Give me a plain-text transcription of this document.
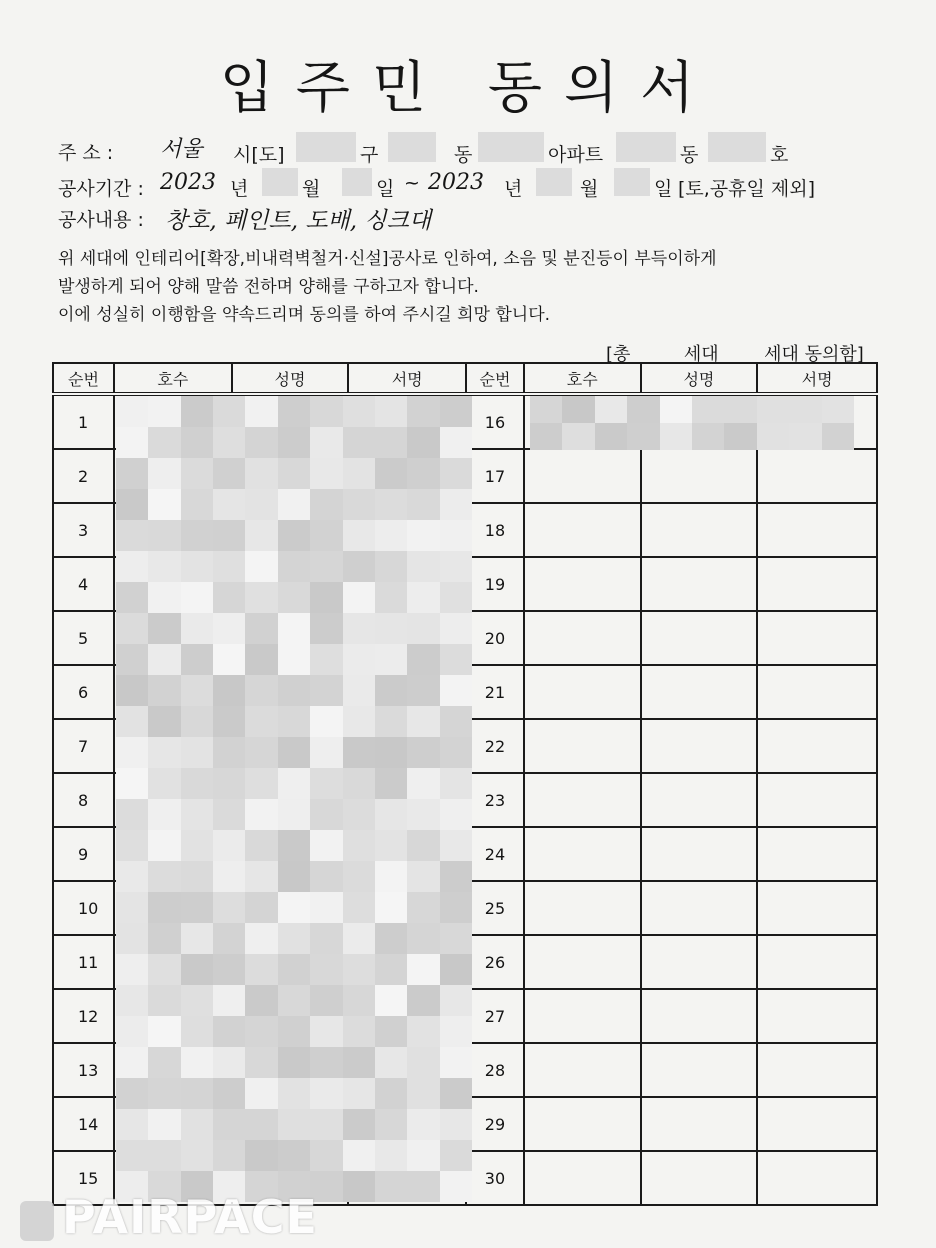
입주민 동의서
주 소 : 서울 시[도]	구	동	아파트	동	호
공사기간 : 2023 년	월	일 ~ 2023 년	월	일 [토,공휴일 제외]
공사내용 : 창호, 페인트, 도배, 싱크대
위 세대에 인테리어[확장,비내력벽철거·신설]공사로 인하여, 소음 및 분진등이 부득이하게
발생하게 되어 양해 말씀 전하며 양해를 구하고자 합니다.
이에 성실히 이행함을 약속드리며 동의를 하여 주시길 희망 합니다.
[총	세대	세대 동의함]
순번	호수	성명	서명	순번	호수	성명	서명
1				16			
2				17			
3				18			
4				19			
5				20			
6				21			
7				22			
8				23			
9				24			
10				25			
11				26			
12				27			
13				28			
14				29			
15				30			
PAIRPACE
